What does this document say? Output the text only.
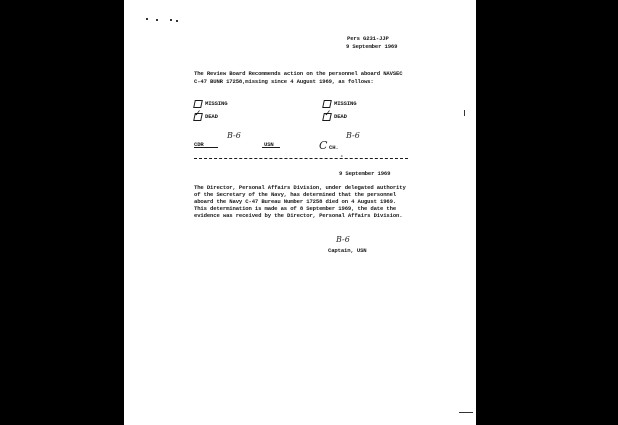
Pers G231-JJP
9 September 1969
The Review Board Recommends action on the personnel aboard NAVSEC
C-47 BUNR 17258,missing since 4 August 1969, as follows:
MISSING
✓ DEAD
B-6
CDR	USN
MISSING
✓ DEAD
B-6
C CH.
°
9 September 1969
The Director, Personal Affairs Division, under delegated authority
of the Secretary of the Navy, has determined that the personnel
aboard the Navy C-47 Bureau Number 17258 died on 4 August 1969.
This determination is made as of 8 September 1969, the date the
evidence was received by the Director, Personal Affairs Division.
B-6
Captain, USN
